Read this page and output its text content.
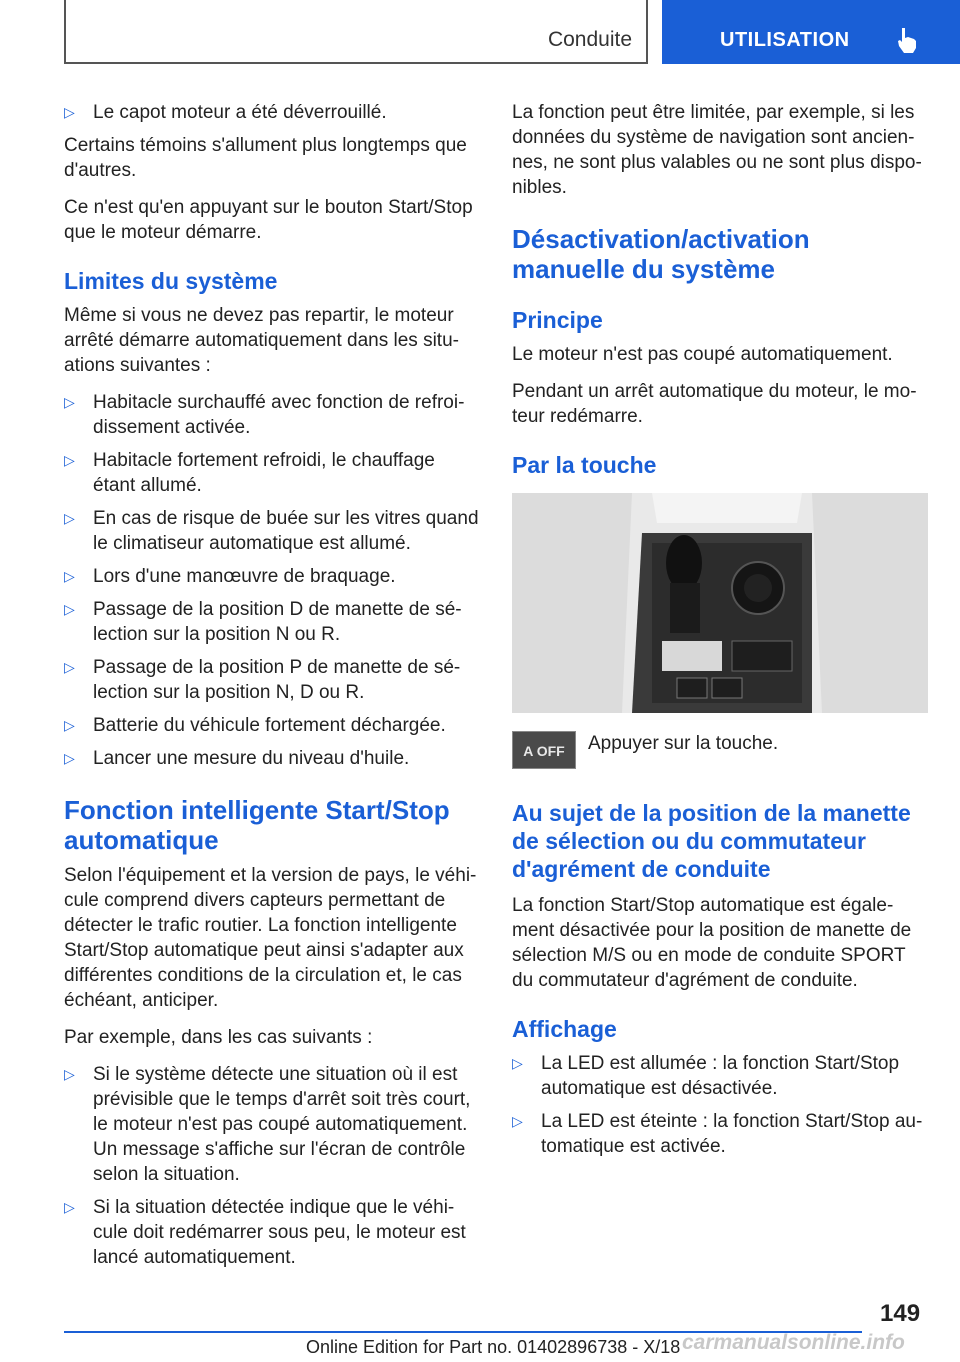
Conduite	UTILISATION
▷ Le capot moteur a été déverrouillé.

Certains témoins s'allument plus longtemps que d'autres.

Ce n'est qu'en appuyant sur le bouton Start/Stop que le moteur démarre.

Limites du système

Même si vous ne devez pas repartir, le moteur arrêté démarre automatiquement dans les situations suivantes :

▷ Habitacle surchauffé avec fonction de refroidissement activée.
▷ Habitacle fortement refroidi, le chauffage étant allumé.
▷ En cas de risque de buée sur les vitres quand le climatiseur automatique est allumé.
▷ Lors d'une manœuvre de braquage.
▷ Passage de la position D de manette de sélection sur la position N ou R.
▷ Passage de la position P de manette de sélection sur la position N, D ou R.
▷ Batterie du véhicule fortement déchargée.
▷ Lancer une mesure du niveau d'huile.
Fonction intelligente Start/Stop automatique

Selon l'équipement et la version de pays, le véhicule comprend divers capteurs permettant de détecter le trafic routier. La fonction intelligente Start/Stop automatique peut ainsi s'adapter aux différentes conditions de la circulation et, le cas échéant, anticiper.

Par exemple, dans les cas suivants :

▷ Si le système détecte une situation où il est prévisible que le temps d'arrêt soit très court, le moteur n'est pas coupé automatiquement. Un message s'affiche sur l'écran de contrôle selon la situation.
▷ Si la situation détectée indique que le véhicule doit redémarrer sous peu, le moteur est lancé automatiquement.

La fonction peut être limitée, par exemple, si les données du système de navigation sont anciennes, ne sont plus valables ou ne sont plus disponibles.

Désactivation/activation manuelle du système
Principe

Le moteur n'est pas coupé automatiquement.

Pendant un arrêt automatique du moteur, le moteur redémarre.

Par la touche
A OFF	Appuyer sur la touche.
Au sujet de la position de la manette de sélection ou du commutateur d'agrément de conduite

La fonction Start/Stop automatique est également désactivée pour la position de manette de sélection M/S ou en mode de conduite SPORT du commutateur d'agrément de conduite.

Affichage
▷ La LED est allumée : la fonction Start/Stop automatique est désactivée.
▷ La LED est éteinte : la fonction Start/Stop automatique est activée.
149
Online Edition for Part no. 01402896738 - X/18 carmanualsonline.info
